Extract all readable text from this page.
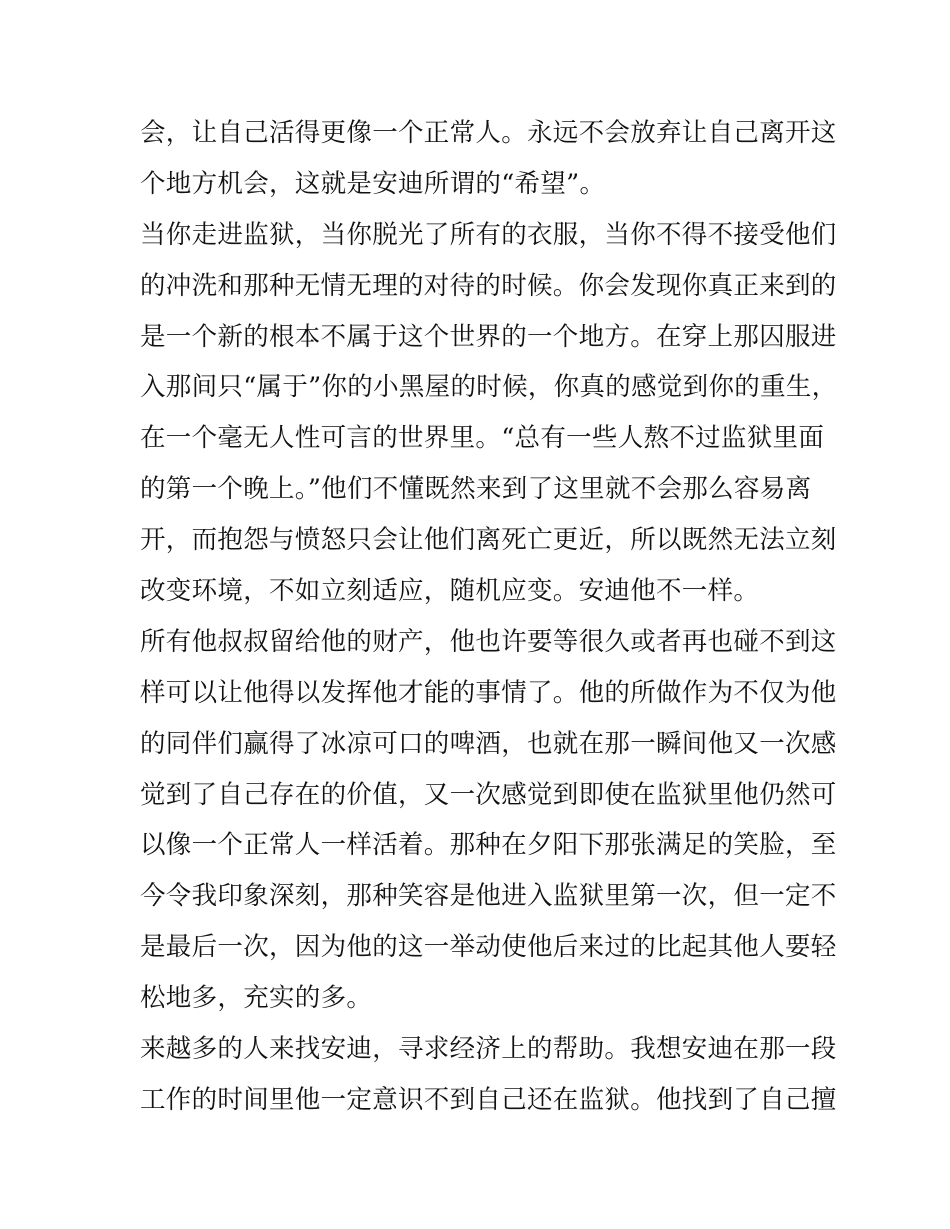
会，让自己活得更像一个正常人。永远不会放弃让自己离开这
个地方机会，这就是安迪所谓的“希望”。
当你走进监狱，当你脱光了所有的衣服，当你不得不接受他们
的冲洗和那种无情无理的对待的时候。你会发现你真正来到的
是一个新的根本不属于这个世界的一个地方。在穿上那囚服进
入那间只“属于”你的小黑屋的时候，你真的感觉到你的重生，
在一个毫无人性可言的世界里。“总有一些人熬不过监狱里面
的第一个晚上。”他们不懂既然来到了这里就不会那么容易离
开，而抱怨与愤怒只会让他们离死亡更近，所以既然无法立刻
改变环境，不如立刻适应，随机应变。安迪他不一样。
所有他叔叔留给他的财产，他也许要等很久或者再也碰不到这
样可以让他得以发挥他才能的事情了。他的所做作为不仅为他
的同伴们赢得了冰凉可口的啤酒，也就在那一瞬间他又一次感
觉到了自己存在的价值，又一次感觉到即使在监狱里他仍然可
以像一个正常人一样活着。那种在夕阳下那张满足的笑脸，至
今令我印象深刻，那种笑容是他进入监狱里第一次，但一定不
是最后一次，因为他的这一举动使他后来过的比起其他人要轻
松地多，充实的多。
来越多的人来找安迪，寻求经济上的帮助。我想安迪在那一段
工作的时间里他一定意识不到自己还在监狱。他找到了自己擅
